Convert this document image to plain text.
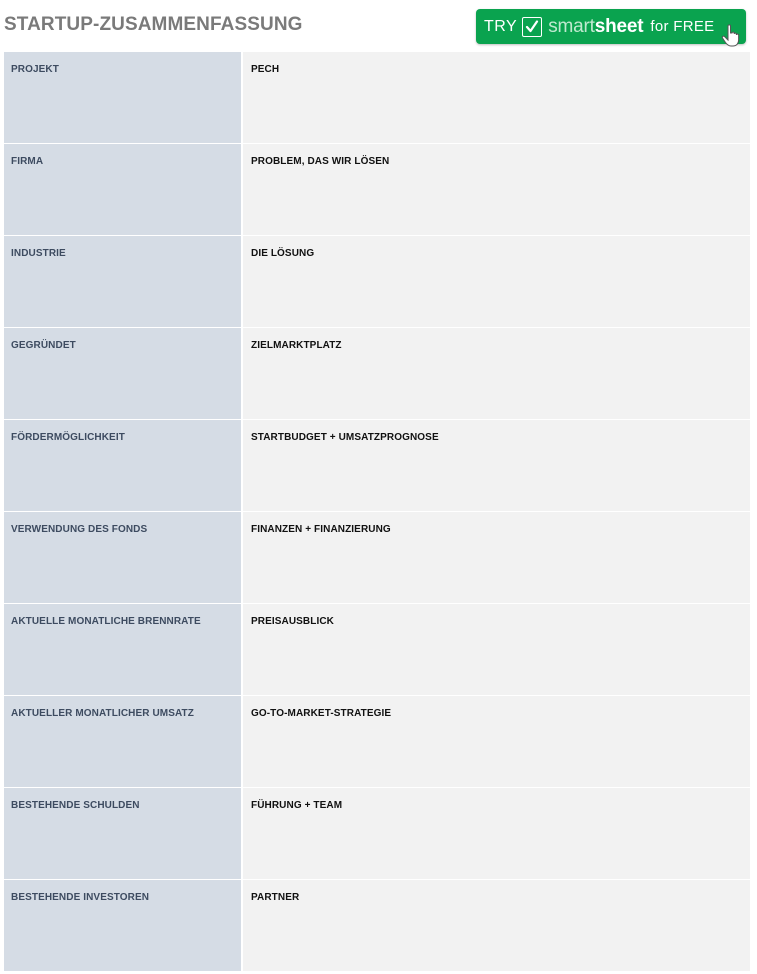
STARTUP-ZUSAMMENFASSUNG	TRY smartsheet for FREE
PROJEKT	PECH
FIRMA	PROBLEM, DAS WIR LÖSEN
INDUSTRIE	DIE LÖSUNG
GEGRÜNDET	ZIELMARKTPLATZ
FÖRDERMÖGLICHKEIT	STARTBUDGET + UMSATZPROGNOSE
VERWENDUNG DES FONDS	FINANZEN + FINANZIERUNG
AKTUELLE MONATLICHE BRENNRATE	PREISAUSBLICK
AKTUELLER MONATLICHER UMSATZ	GO-TO-MARKET-STRATEGIE
BESTEHENDE SCHULDEN	FÜHRUNG + TEAM
BESTEHENDE INVESTOREN	PARTNER
